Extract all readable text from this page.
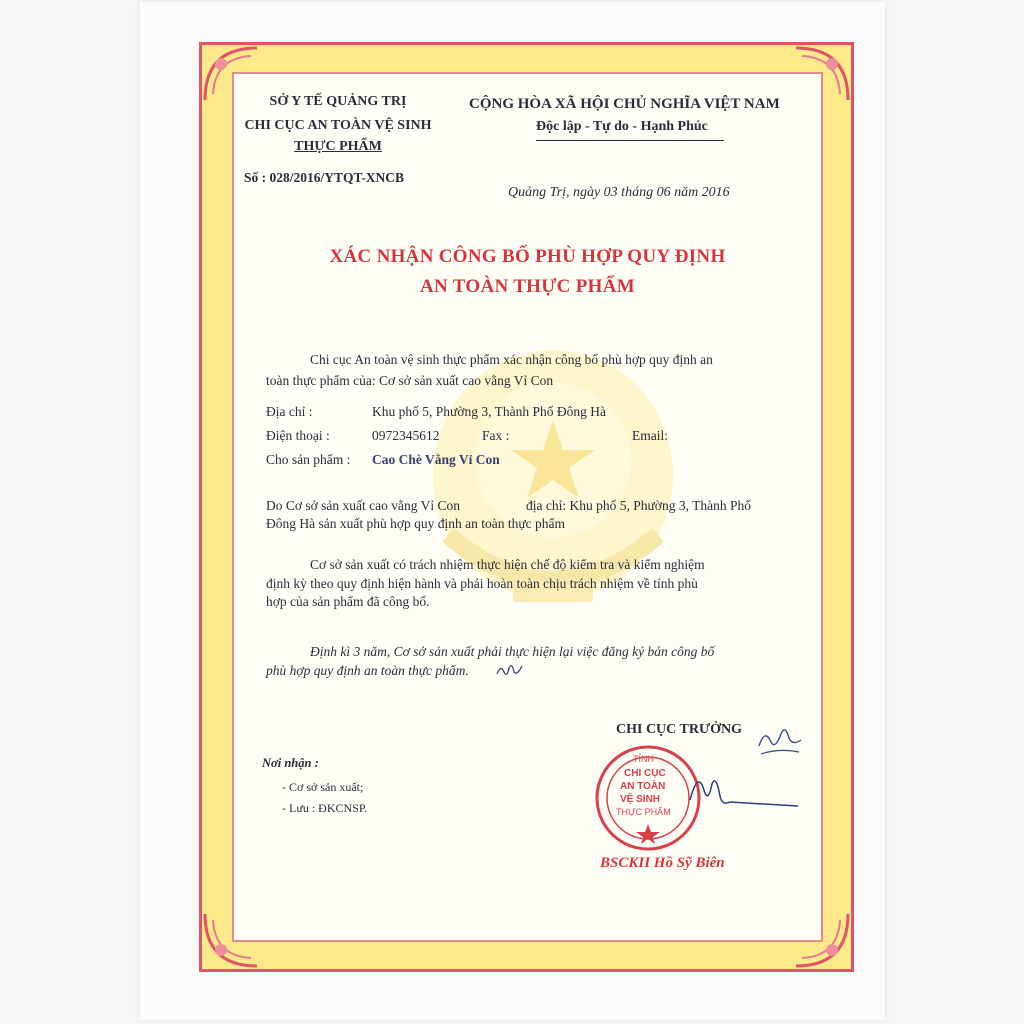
SỞ Y TẾ QUẢNG TRỊ
CHI CỤC AN TOÀN VỆ SINH
THỰC PHẨM
Số : 028/2016/YTQT-XNCB
CỘNG HÒA XÃ HỘI CHỦ NGHĨA VIỆT NAM
Độc lập - Tự do - Hạnh Phúc
Quảng Trị, ngày 03 tháng 06 năm 2016
XÁC NHẬN CÔNG BỐ PHÙ HỢP QUY ĐỊNH
AN TOÀN THỰC PHẨM
Chi cục An toàn vệ sinh thực phẩm xác nhận công bố phù hợp quy định an
toàn thực phẩm của: Cơ sở sản xuất cao vằng Vỉ Con
Địa chỉ :	Khu phố 5, Phường 3, Thành Phố Đông Hà
Điện thoại :	0972345612	Fax :	Email:
Cho sản phẩm : Cao Chè Vằng Vỉ Con
Do Cơ sở sản xuất cao vằng Vỉ Con	địa chỉ: Khu phố 5, Phường 3, Thành Phố
Đông Hà sản xuất phù hợp quy định an toàn thực phẩm
Cơ sở sản xuất có trách nhiệm thực hiện chế độ kiểm tra và kiểm nghiệm
định kỳ theo quy định hiện hành và phải hoàn toàn chịu trách nhiệm về tính phù
hợp của sản phẩm đã công bố.
Định kì 3 năm, Cơ sở sản xuất phải thực hiện lại việc đăng ký bản công bố
phù hợp quy định an toàn thực phẩm.
CHI CỤC TRƯỞNG
TỈNH
CHI CỤC
AN TOÀN
VỆ SINH
THỰC PHẨM
BSCKII Hồ Sỹ Biên
Nơi nhận :
- Cơ sở sản xuất;
- Lưu : ĐKCNSP.
